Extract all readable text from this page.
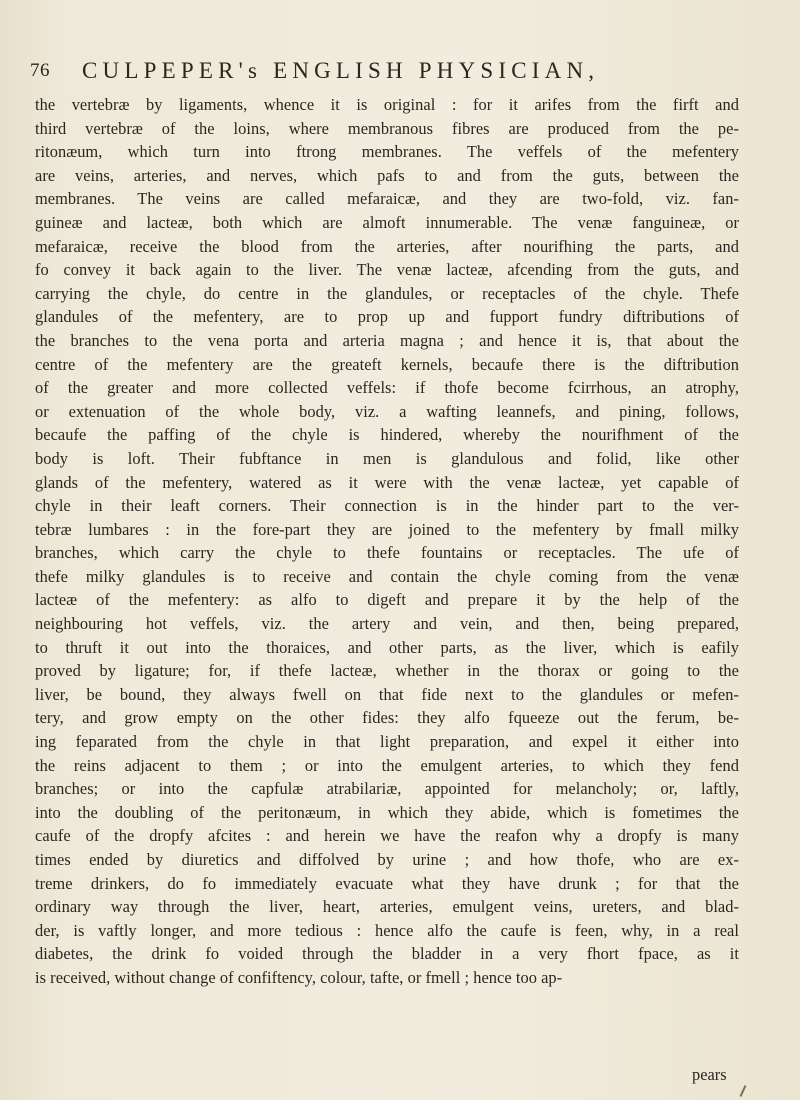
76 CULPEPER's ENGLISH PHYSICIAN,
the vertebræ by ligaments, whence it is original : for it arifes from the firft and
third vertebræ of the loins, where membranous fibres are produced from the pe-
ritonæum, which turn into ftrong membranes. The veffels of the mefentery
are veins, arteries, and nerves, which pafs to and from the guts, between the
membranes. The veins are called mefaraicæ, and they are two-fold, viz. fan-
guineæ and lacteæ, both which are almoft innumerable. The venæ fanguineæ, or
mefaraicæ, receive the blood from the arteries, after nourifhing the parts, and
fo convey it back again to the liver. The venæ lacteæ, afcending from the guts, and
carrying the chyle, do centre in the glandules, or receptacles of the chyle. Thefe
glandules of the mefentery, are to prop up and fupport fundry diftributions of
the branches to the vena porta and arteria magna ; and hence it is, that about the
centre of the mefentery are the greateft kernels, becaufe there is the diftribution
of the greater and more collected veffels: if thofe become fcirrhous, an atrophy,
or extenuation of the whole body, viz. a wafting leannefs, and pining, follows,
becaufe the paffing of the chyle is hindered, whereby the nourifhment of the
body is loft. Their fubftance in men is glandulous and folid, like other
glands of the mefentery, watered as it were with the venæ lacteæ, yet capable of
chyle in their leaft corners. Their connection is in the hinder part to the ver-
tebræ lumbares : in the fore-part they are joined to the mefentery by fmall milky
branches, which carry the chyle to thefe fountains or receptacles. The ufe of
thefe milky glandules is to receive and contain the chyle coming from the venæ
lacteæ of the mefentery: as alfo to digeft and prepare it by the help of the
neighbouring hot veffels, viz. the artery and vein, and then, being prepared,
to thruft it out into the thoraices, and other parts, as the liver, which is eafily
proved by ligature; for, if thefe lacteæ, whether in the thorax or going to the
liver, be bound, they always fwell on that fide next to the glandules or mefen-
tery, and grow empty on the other fides: they alfo fqueeze out the ferum, be-
ing feparated from the chyle in that light preparation, and expel it either into
the reins adjacent to them ; or into the emulgent arteries, to which they fend
branches; or into the capfulæ atrabilariæ, appointed for melancholy; or, laftly,
into the doubling of the peritonæum, in which they abide, which is fometimes the
caufe of the dropfy afcites : and herein we have the reafon why a dropfy is many
times ended by diuretics and diffolved by urine ; and how thofe, who are ex-
treme drinkers, do fo immediately evacuate what they have drunk ; for that the
ordinary way through the liver, heart, arteries, emulgent veins, ureters, and blad-
der, is vaftly longer, and more tedious : hence alfo the caufe is feen, why, in a real
diabetes, the drink fo voided through the bladder in a very fhort fpace, as it
is received, without change of confiftency, colour, tafte, or fmell ; hence too ap-
pears
